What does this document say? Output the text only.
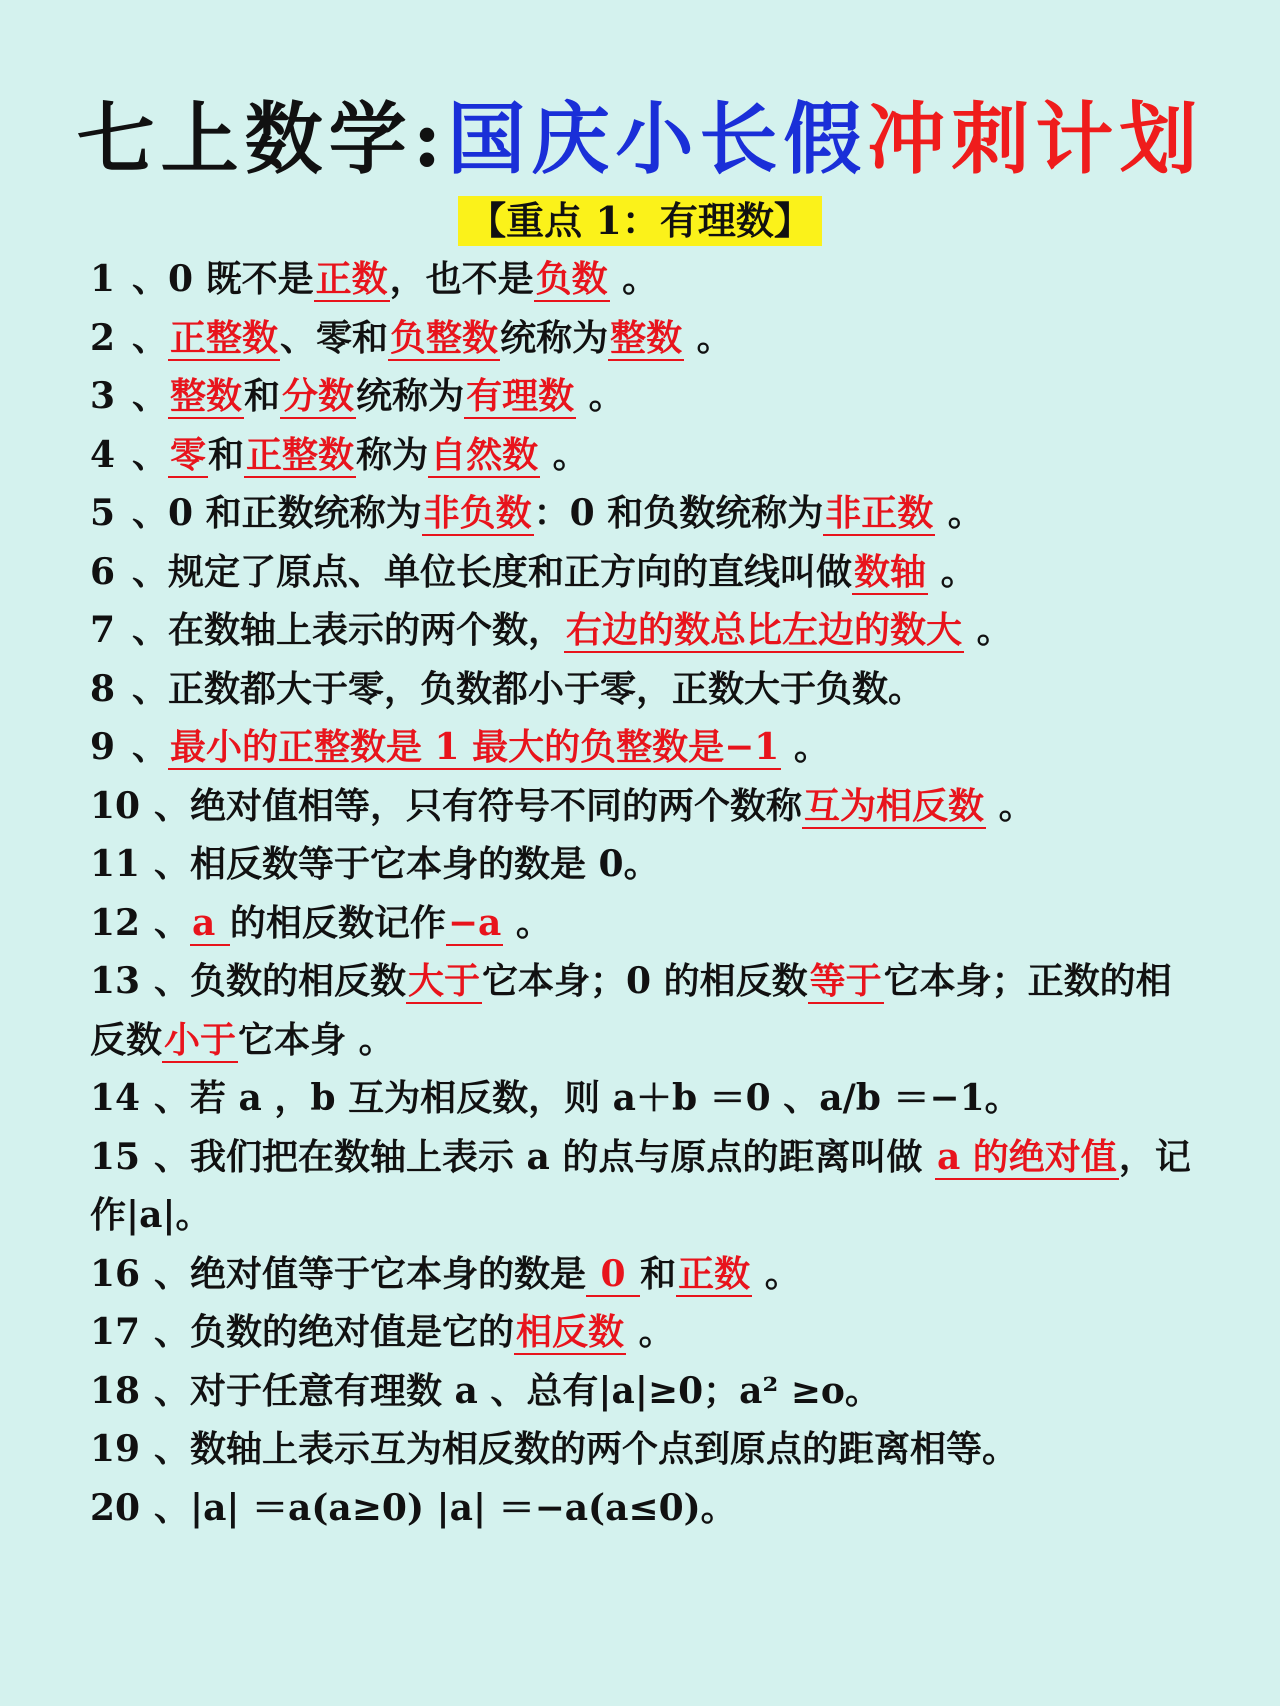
七上数学:国庆小长假冲刺计划
【重点 1：有理数】
1 、0 既不是正数，也不是负数 。
2 、正整数、零和负整数统称为整数 。
3 、整数和分数统称为有理数 。
4 、零和正整数称为自然数 。
5 、0 和正数统称为非负数：0 和负数统称为非正数 。
6 、规定了原点、单位长度和正方向的直线叫做数轴 。
7 、在数轴上表示的两个数，右边的数总比左边的数大 。
8 、正数都大于零，负数都小于零，正数大于负数。
9 、最小的正整数是 1 最大的负整数是−1 。
10 、绝对值相等，只有符号不同的两个数称互为相反数 。
11 、相反数等于它本身的数是 0。
12 、a 的相反数记作−a 。
13 、负数的相反数大于它本身；0 的相反数等于它本身；正数的相反数小于它本身 。
14 、若 a ，b 互为相反数，则 a＋b ＝0 、a/b ＝−1。
15 、我们把在数轴上表示 a 的点与原点的距离叫做 a 的绝对值，记作|a|。
16 、绝对值等于它本身的数是 0 和正数 。
17 、负数的绝对值是它的相反数 。
18 、对于任意有理数 a 、总有|a|≥0；a² ≥o。
19 、数轴上表示互为相反数的两个点到原点的距离相等。
20 、|a| ＝a(a≥0) |a| ＝−a(a≤0)。
